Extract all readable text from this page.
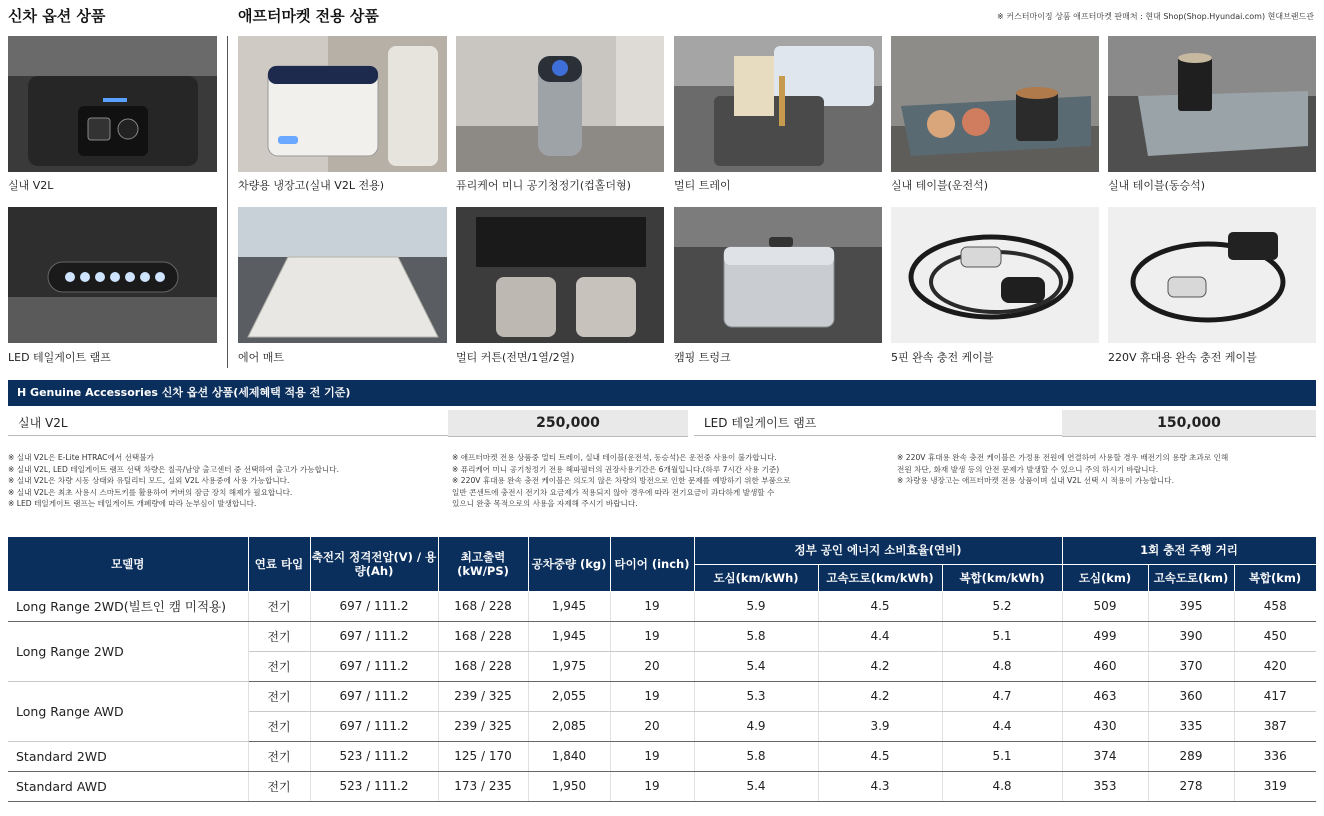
신차 옵션 상품	애프터마켓 전용 상품	※ 커스터마이징 상품 애프터마켓 판매처 : 현대 Shop(Shop.Hyundai.com) 현대브랜드관
실내 V2L	차량용 냉장고(실내 V2L 전용)	퓨리케어 미니 공기청정기(컵홀더형)	멀티 트레이	실내 테이블(운전석)	실내 테이블(동승석)
LED 테일게이트 램프	에어 매트	멀티 커튼(전면/1열/2열)	캠핑 트렁크	5핀 완속 충전 케이블	220V 휴대용 완속 충전 케이블
H Genuine Accessories 신차 옵션 상품(세제혜택 적용 전 기준)
실내 V2L	250,000	LED 테일게이트 램프	150,000
※ 실내 V2L은 E-Lite HTRAC에서 선택불가
※ 실내 V2L, LED 테일게이트 램프 선택 차량은 칠곡/남양 출고센터 중 선택하여 출고가 가능합니다.
※ 실내 V2L은 차량 시동 상태와 유틸리티 모드, 실외 V2L 사용중에 사용 가능합니다.
※ 실내 V2L은 최초 사용시 스마트키를 활용하여 커버의 잠금 장치 해제가 필요합니다.
※ LED 테일게이트 램프는 테일게이트 개폐량에 따라 눈부심이 발생합니다.
※ 애프터마켓 전용 상품중 멀티 트레이, 실내 테이블(운전석, 동승석)은 운전중 사용이 불가합니다.
※ 퓨리케어 미니 공기청정기 전용 헤파필터의 권장사용기간은 6개월입니다.(하루 7시간 사용 기준)
※ 220V 휴대용 완속 충전 케이블은 의도치 않은 차량의 방전으로 인한 문제를 예방하기 위한 부품으로
일반 콘센트에 충전시 전기차 요금제가 적용되지 않아 경우에 따라 전기요금이 과다하게 발생할 수
있으니 완충 목적으로의 사용을 자제해 주시기 바랍니다.
※ 220V 휴대용 완속 충전 케이블은 가정용 전원에 연결하여 사용할 경우 배전기의 용량 초과로 인해
전원 차단, 화재 발생 등의 안전 문제가 발생할 수 있으니 주의 하시기 바랍니다.
※ 차량용 냉장고는 애프터마켓 전용 상품이며 실내 V2L 선택 시 적용이 가능합니다.
모델명	연료 타입	축전지 정격전압(V) / 용량(Ah)	최고출력 (kW/PS)	공차중량 (kg)	타이어 (inch)	정부 공인 에너지 소비효율(연비)			1회 충전 주행 거리		
						도심(km/kWh)	고속도로(km/kWh)	복합(km/kWh)	도심(km)	고속도로(km)	복합(km)
Long Range 2WD(빌트인 캠 미적용)	전기	697 / 111.2	168 / 228	1,945	19	5.9	4.5	5.2	509	395	458
Long Range 2WD	전기	697 / 111.2	168 / 228	1,945	19	5.8	4.4	5.1	499	390	450
	전기	697 / 111.2	168 / 228	1,975	20	5.4	4.2	4.8	460	370	420
Long Range AWD	전기	697 / 111.2	239 / 325	2,055	19	5.3	4.2	4.7	463	360	417
	전기	697 / 111.2	239 / 325	2,085	20	4.9	3.9	4.4	430	335	387
Standard 2WD	전기	523 / 111.2	125 / 170	1,840	19	5.8	4.5	5.1	374	289	336
Standard AWD	전기	523 / 111.2	173 / 235	1,950	19	5.4	4.3	4.8	353	278	319
